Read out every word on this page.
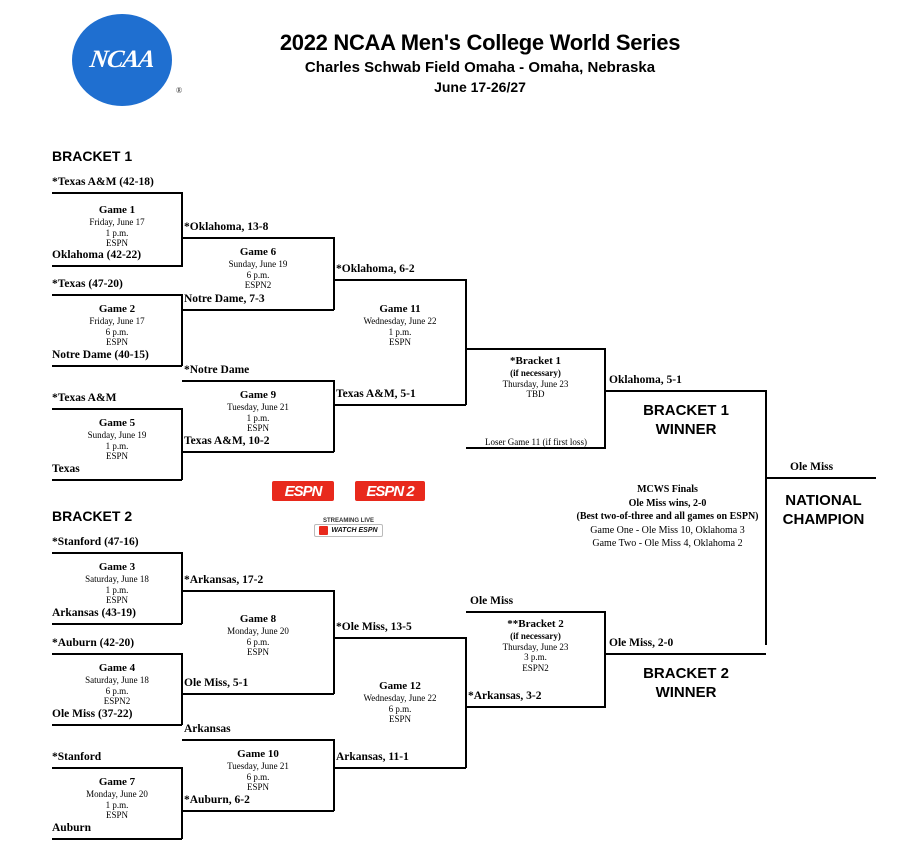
NCAA
®
2022 NCAA Men's College World Series
Charles Schwab Field Omaha - Omaha, Nebraska
June 17-26/27
BRACKET 1
*Texas A&M (42-18)
Game 1
Friday, June 17
1 p.m.
ESPN
Oklahoma (42-22)
*Texas (47-20)
Game 2
Friday, June 17
6 p.m.
ESPN
Notre Dame (40-15)
*Texas A&M
Game 5
Sunday, June 19
1 p.m.
ESPN
Texas
*Oklahoma, 13-8
Game 6
Sunday, June 19
6 p.m.
ESPN2
Notre Dame, 7-3
*Notre Dame
Game 9
Tuesday, June 21
1 p.m.
ESPN
Texas A&M, 10-2
*Oklahoma, 6-2
Game 11
Wednesday, June 22
1 p.m.
ESPN
Texas A&M, 5-1
*Bracket 1
(if necessary)
Thursday, June 23
TBD
Loser Game 11 (if first loss)
Oklahoma, 5-1
BRACKET 1
WINNER
Ole Miss
NATIONAL
CHAMPION
MCWS Finals
Ole Miss wins, 2-0
(Best two-of-three and all games on ESPN)
Game One - Ole Miss 10, Oklahoma 3
Game Two - Ole Miss 4, Oklahoma 2
ESPN	ESPN 2
STREAMING LIVE
WATCH ESPN
BRACKET 2
*Stanford (47-16)
Game 3
Saturday, June 18
1 p.m.
ESPN
Arkansas (43-19)
*Auburn (42-20)
Game 4
Saturday, June 18
6 p.m.
ESPN2
Ole Miss (37-22)
*Stanford
Game 7
Monday, June 20
1 p.m.
ESPN
Auburn
*Arkansas, 17-2
Game 8
Monday, June 20
6 p.m.
ESPN
Ole Miss, 5-1
Arkansas
Game 10
Tuesday, June 21
6 p.m.
ESPN
*Auburn, 6-2
*Ole Miss, 13-5
Game 12
Wednesday, June 22
6 p.m.
ESPN
Arkansas, 11-1
Ole Miss
**Bracket 2
(if necessary)
Thursday, June 23
3 p.m.
ESPN2
*Arkansas, 3-2
Ole Miss, 2-0
BRACKET 2
WINNER
